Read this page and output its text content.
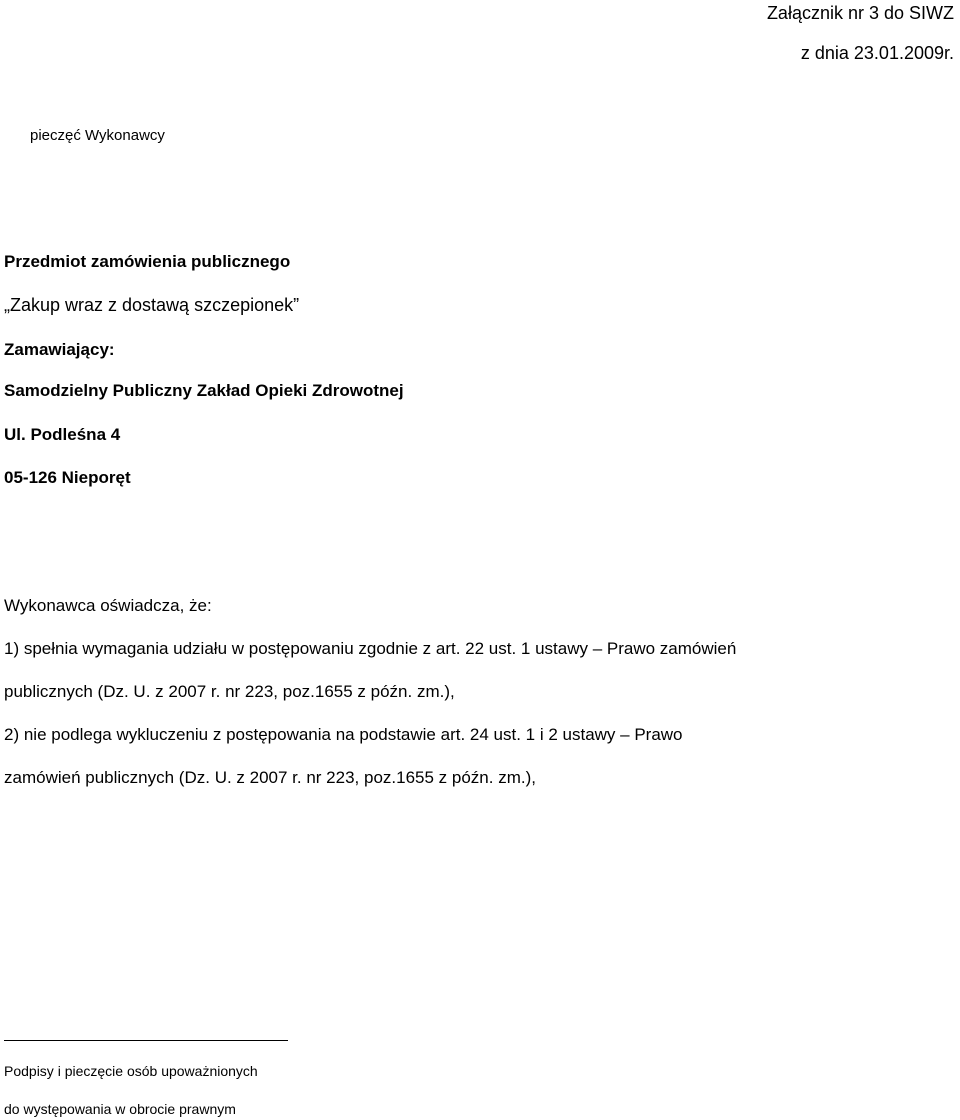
Załącznik nr 3 do SIWZ

z dnia 23.01.2009r.

pieczęć Wykonawcy

Przedmiot zamówienia publicznego

„Zakup wraz z dostawą szczepionek”

Zamawiający:

Samodzielny Publiczny Zakład Opieki Zdrowotnej

Ul. Podleśna 4

05-126 Nieporęt

Wykonawca oświadcza, że:

1) spełnia wymagania udziału w postępowaniu zgodnie z art. 22 ust. 1 ustawy – Prawo zamówień

publicznych (Dz. U. z 2007 r. nr 223, poz.1655 z późn. zm.),

2) nie podlega wykluczeniu z postępowania na podstawie art. 24 ust. 1 i 2 ustawy – Prawo

zamówień publicznych (Dz. U. z 2007 r. nr 223, poz.1655 z późn. zm.),

Podpisy i pieczęcie osób upoważnionych

do występowania w obrocie prawnym
